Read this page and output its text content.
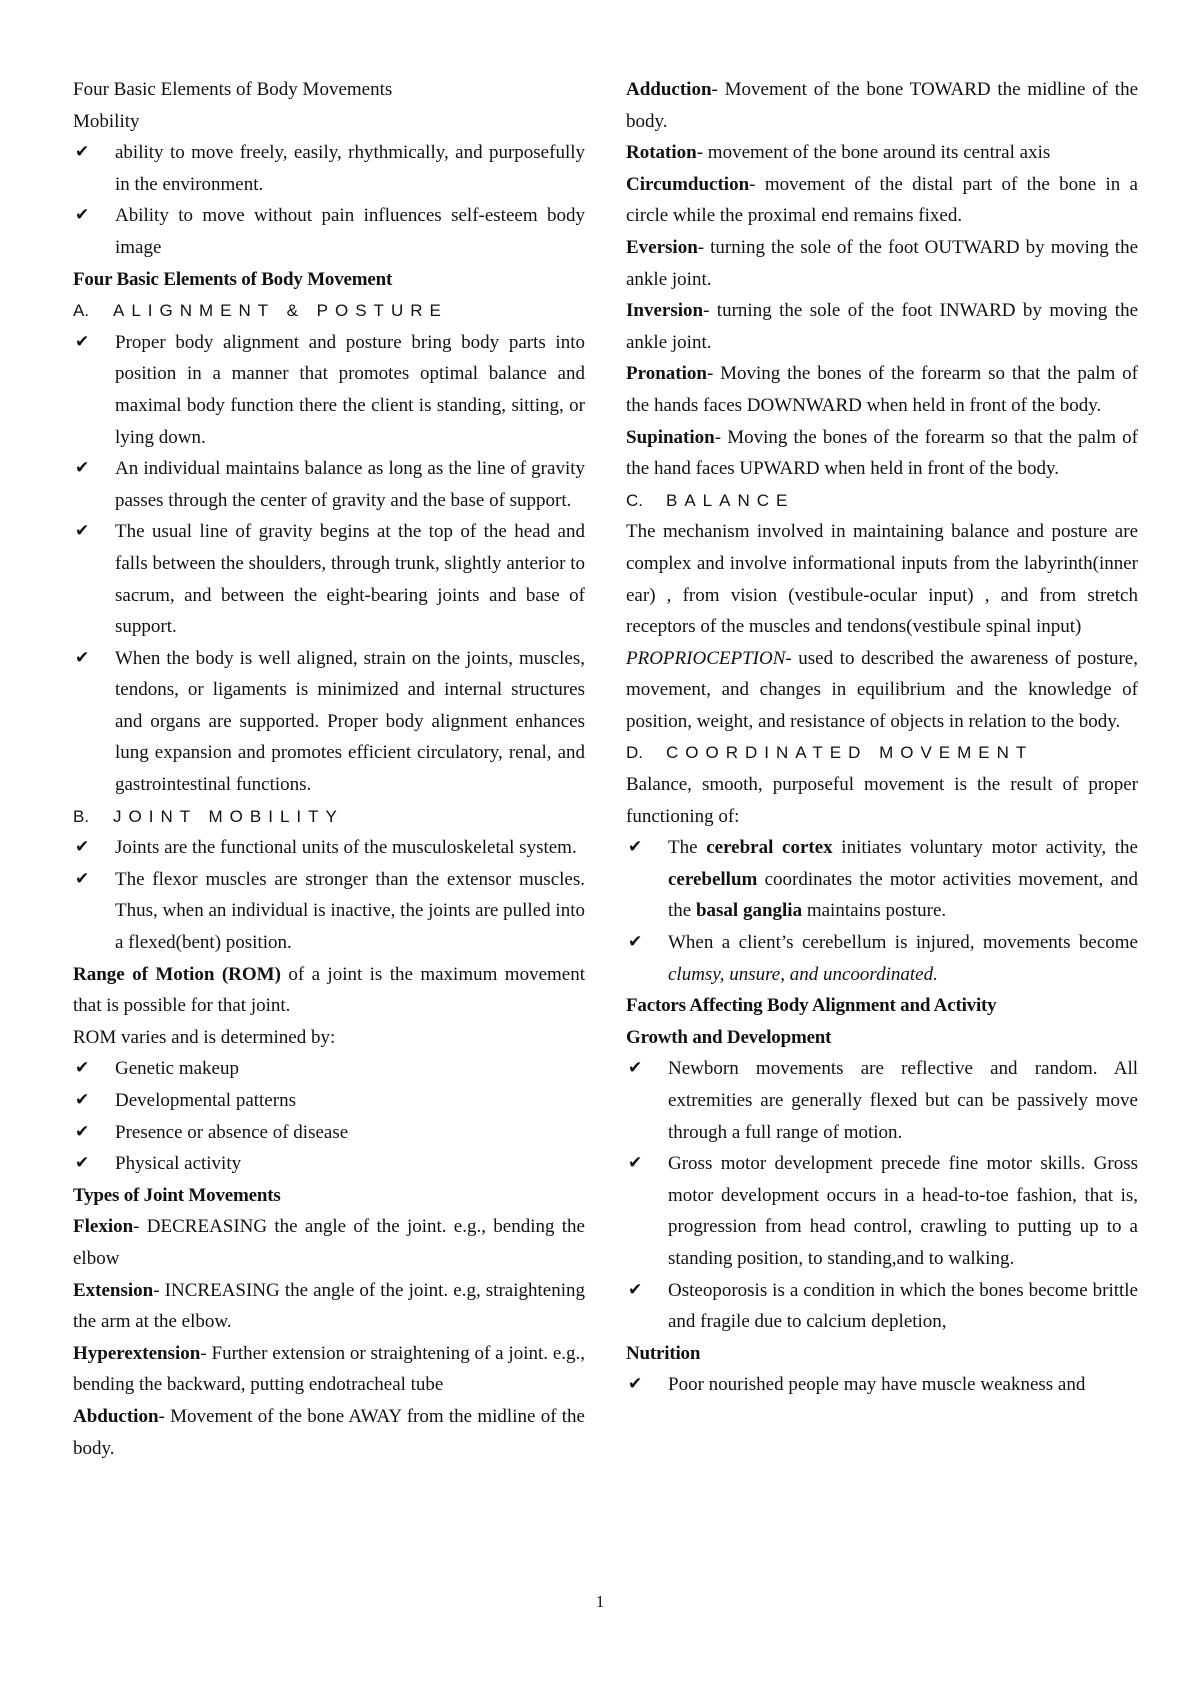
Four Basic Elements of Body Movements

Mobility

✔ ability to move freely, easily, rhythmically, and purposefully in the environment.
✔ Ability to move without pain influences self-esteem body image

Four Basic Elements of Body Movement

A. ALIGNMENT & POSTURE

✔ Proper body alignment and posture bring body parts into position in a manner that promotes optimal balance and maximal body function there the client is standing, sitting, or lying down.
✔ An individual maintains balance as long as the line of gravity passes through the center of gravity and the base of support.
✔ The usual line of gravity begins at the top of the head and falls between the shoulders, through trunk, slightly anterior to sacrum, and between the eight-bearing joints and base of support.
✔ When the body is well aligned, strain on the joints, muscles, tendons, or ligaments is minimized and internal structures and organs are supported. Proper body alignment enhances lung expansion and promotes efficient circulatory, renal, and gastrointestinal functions.

B. JOINT MOBILITY

✔ Joints are the functional units of the musculoskeletal system.
✔ The flexor muscles are stronger than the extensor muscles. Thus, when an individual is inactive, the joints are pulled into a flexed(bent) position.

Range of Motion (ROM) of a joint is the maximum movement that is possible for that joint.

ROM varies and is determined by:

✔ Genetic makeup
✔ Developmental patterns
✔ Presence or absence of disease
✔ Physical activity

Types of Joint Movements

Flexion- DECREASING the angle of the joint. e.g., bending the elbow

Extension- INCREASING the angle of the joint. e.g, straightening the arm at the elbow.

Hyperextension- Further extension or straightening of a joint. e.g., bending the backward, putting endotracheal tube

Abduction- Movement of the bone AWAY from the midline of the body.

Adduction- Movement of the bone TOWARD the midline of the body.

Rotation- movement of the bone around its central axis

Circumduction- movement of the distal part of the bone in a circle while the proximal end remains fixed.

Eversion- turning the sole of the foot OUTWARD by moving the ankle joint.

Inversion- turning the sole of the foot INWARD by moving the ankle joint.

Pronation- Moving the bones of the forearm so that the palm of the hands faces DOWNWARD when held in front of the body.

Supination- Moving the bones of the forearm so that the palm of the hand faces UPWARD when held in front of the body.

C. BALANCE

The mechanism involved in maintaining balance and posture are complex and involve informational inputs from the labyrinth(inner ear) , from vision (vestibule-ocular input) , and from stretch receptors of the muscles and tendons(vestibule spinal input)

PROPRIOCEPTION- used to described the awareness of posture, movement, and changes in equilibrium and the knowledge of position, weight, and resistance of objects in relation to the body.

D. COORDINATED MOVEMENT

Balance, smooth, purposeful movement is the result of proper functioning of:

✔ The cerebral cortex initiates voluntary motor activity, the cerebellum coordinates the motor activities movement, and the basal ganglia maintains posture.
✔ When a client’s cerebellum is injured, movements become clumsy, unsure, and uncoordinated.

Factors Affecting Body Alignment and Activity

Growth and Development

✔ Newborn movements are reflective and random. All extremities are generally flexed but can be passively move through a full range of motion.
✔ Gross motor development precede fine motor skills. Gross motor development occurs in a head-to-toe fashion, that is, progression from head control, crawling to putting up to a standing position, to standing,and to walking.
✔ Osteoporosis is a condition in which the bones become brittle and fragile due to calcium depletion,

Nutrition

✔ Poor nourished people may have muscle weakness and
1
